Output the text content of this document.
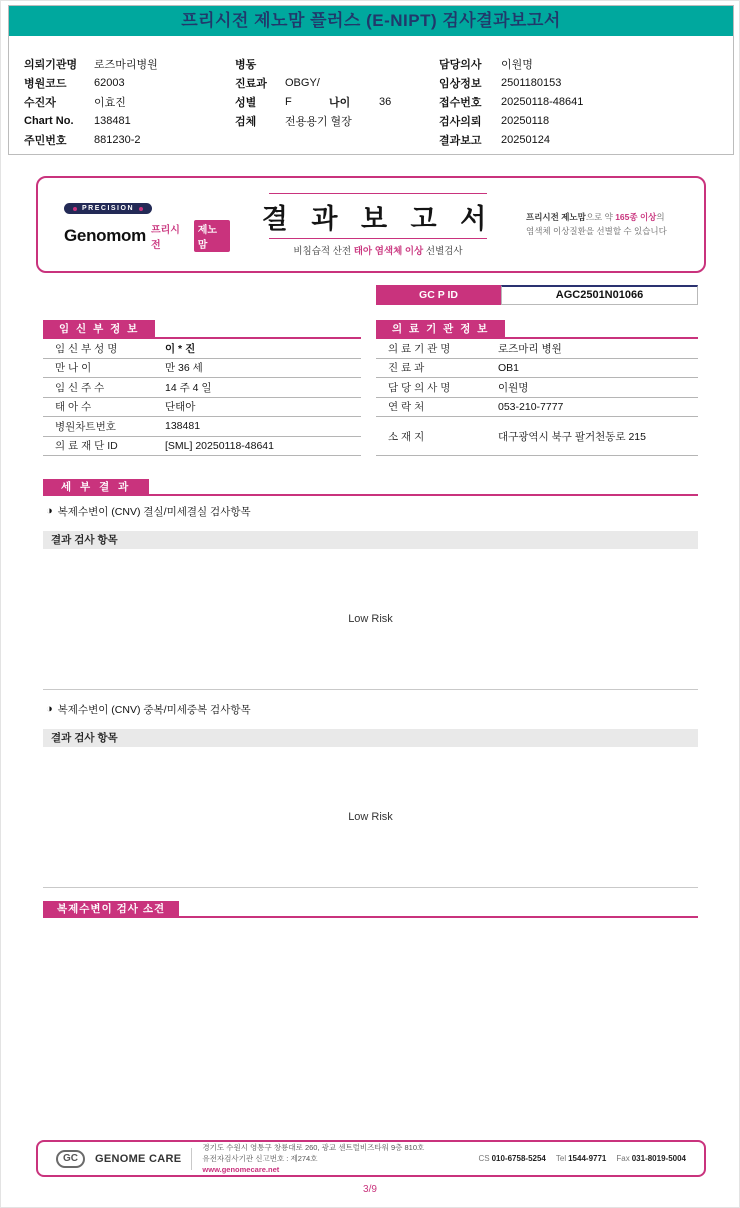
프리시전 제노맘 플러스 (E-NIPT) 검사결과보고서
의뢰기관명	로즈마리병원
병원코드	62003
수진자	이효진
Chart No.	138481
주민번호	881230-2
병동
진료과	OBGY/
성별	F	나이	36
검체	전용용기 혈장
담당의사	이원명
임상정보	2501180153
접수번호	20250118-48641
검사의뢰	20250118
결과보고	20250124
PRECISION
Genomom 프리시전
제노맘
결 과 보 고 서
비침습적 산전 태아 염색체 이상 선별검사
프리시전 제노맘으로 약 165종 이상의
염색체 이상질환을 선별할 수 있습니다
GC P ID	AGC2501N01066
임 신 부 정 보
임 신 부 성 명	이 * 진
만 나 이	만 36 세
임 신 주 수	14 주 4 일
태 아 수	단태아
병원차트번호	138481
의 료 재 단 ID	[SML] 20250118-48641
의 료 기 관 정 보
의 료 기 관 명	로즈마리 병원
진 료 과	OB1
담 당 의 사 명	이원명
연 락 처	053-210-7777
소 재 지	대구광역시 북구 팔거천동로 215
세 부 결 과
◑ 복제수변이 (CNV) 결실/미세결실 검사항목
결과 검사 항목
Low Risk
◑ 복제수변이 (CNV) 중복/미세중복 검사항목
결과 검사 항목
Low Risk
복제수변이 검사 소견
GC	GENOME CARE
경기도 수원시 영통구 창룡대로 260, 광교 센트럴비즈타워 9층 810호
유전자검사기관 신고번호 : 제274호
www.genomecare.net
CS 010-6758-5254 Tel 1544-9771 Fax 031-8019-5004
3/9
